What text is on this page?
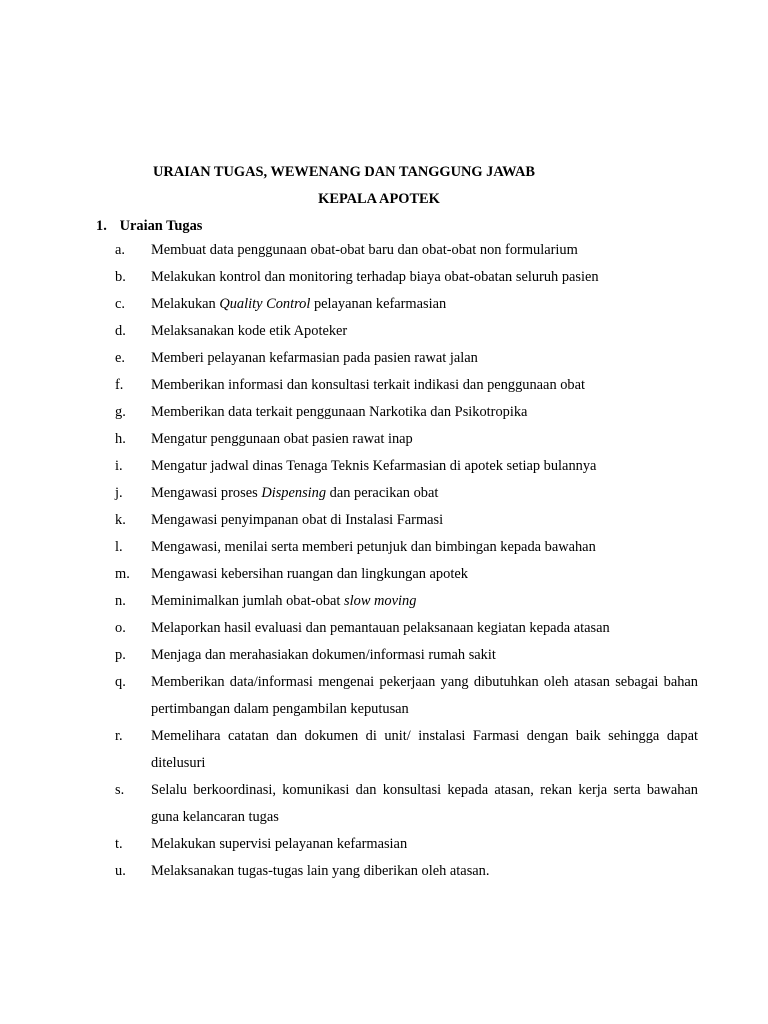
URAIAN TUGAS, WEWENANG DAN TANGGUNG JAWAB
KEPALA APOTEK
1. Uraian Tugas
a.	Membuat data penggunaan obat-obat baru dan obat-obat non formularium
b.	Melakukan kontrol dan monitoring terhadap biaya obat-obatan seluruh pasien
c.	Melakukan Quality Control pelayanan kefarmasian
d.	Melaksanakan kode etik Apoteker
e.	Memberi pelayanan kefarmasian pada pasien rawat jalan
f.	Memberikan informasi dan konsultasi terkait indikasi dan penggunaan obat
g.	Memberikan data terkait penggunaan Narkotika dan Psikotropika
h.	Mengatur penggunaan obat pasien rawat inap
i.	Mengatur jadwal dinas Tenaga Teknis Kefarmasian di apotek setiap bulannya
j.	Mengawasi proses Dispensing dan peracikan obat
k.	Mengawasi penyimpanan obat di Instalasi Farmasi
l.	Mengawasi, menilai serta memberi petunjuk dan bimbingan kepada bawahan
m.	Mengawasi kebersihan ruangan dan lingkungan apotek
n.	Meminimalkan jumlah obat-obat slow moving
o.	Melaporkan hasil evaluasi dan pemantauan pelaksanaan kegiatan kepada atasan
p.	Menjaga dan merahasiakan dokumen/informasi rumah sakit
q.	Memberikan data/informasi mengenai pekerjaan yang dibutuhkan oleh atasan sebagai bahan pertimbangan dalam pengambilan keputusan
r.	Memelihara catatan dan dokumen di unit/ instalasi Farmasi dengan baik sehingga dapat ditelusuri
s.	Selalu berkoordinasi, komunikasi dan konsultasi kepada atasan, rekan kerja serta bawahan guna kelancaran tugas
t.	Melakukan supervisi pelayanan kefarmasian
u.	Melaksanakan tugas-tugas lain yang diberikan oleh atasan.
